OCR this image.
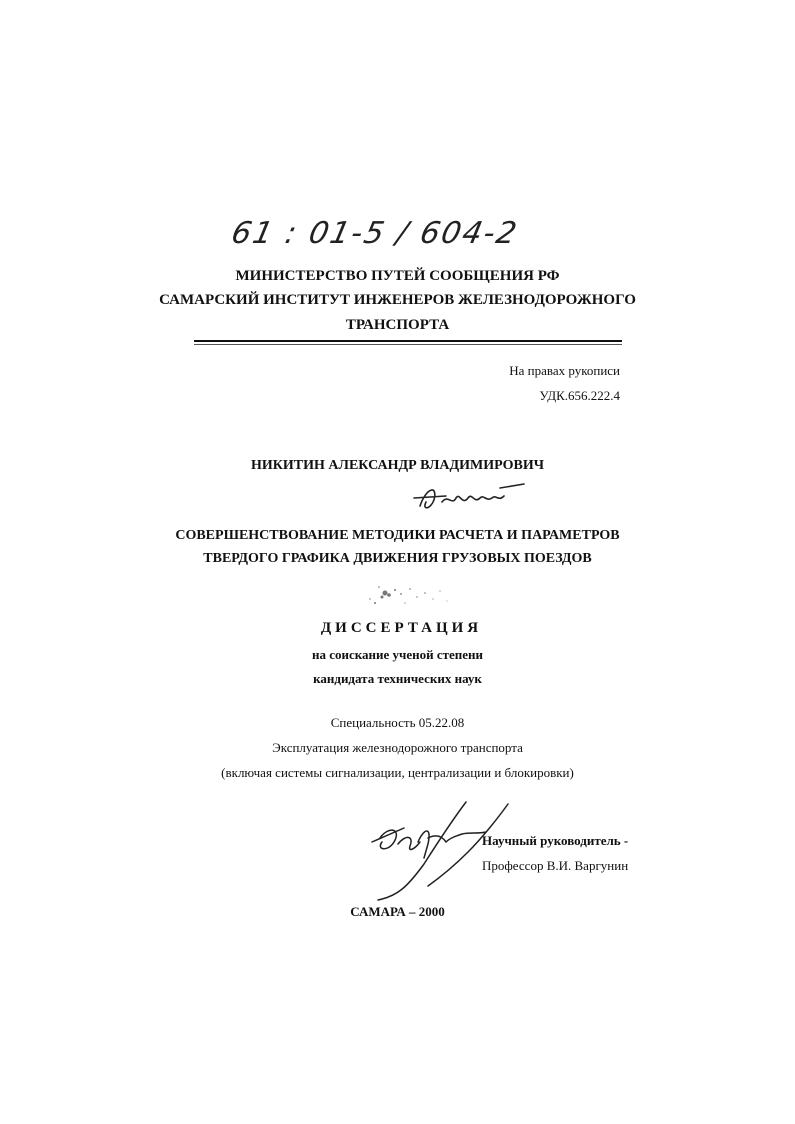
61 : 01-5 / 604-2
МИНИСТЕРСТВО ПУТЕЙ СООБЩЕНИЯ РФ
САМАРСКИЙ ИНСТИТУТ ИНЖЕНЕРОВ ЖЕЛЕЗНОДОРОЖНОГО
ТРАНСПОРТА
На правах рукописи
УДК.656.222.4
НИКИТИН АЛЕКСАНДР ВЛАДИМИРОВИЧ
СОВЕРШЕНСТВОВАНИЕ МЕТОДИКИ РАСЧЕТА И ПАРАМЕТРОВ
ТВЕРДОГО ГРАФИКА ДВИЖЕНИЯ ГРУЗОВЫХ ПОЕЗДОВ
ДИССЕРТАЦИЯ
на соискание ученой степени
кандидата технических наук
Специальность 05.22.08
Эксплуатация железнодорожного транспорта
(включая системы сигнализации, централизации и блокировки)
Научный руководитель -
Профессор В.И. Варгунин
САМАРА – 2000
